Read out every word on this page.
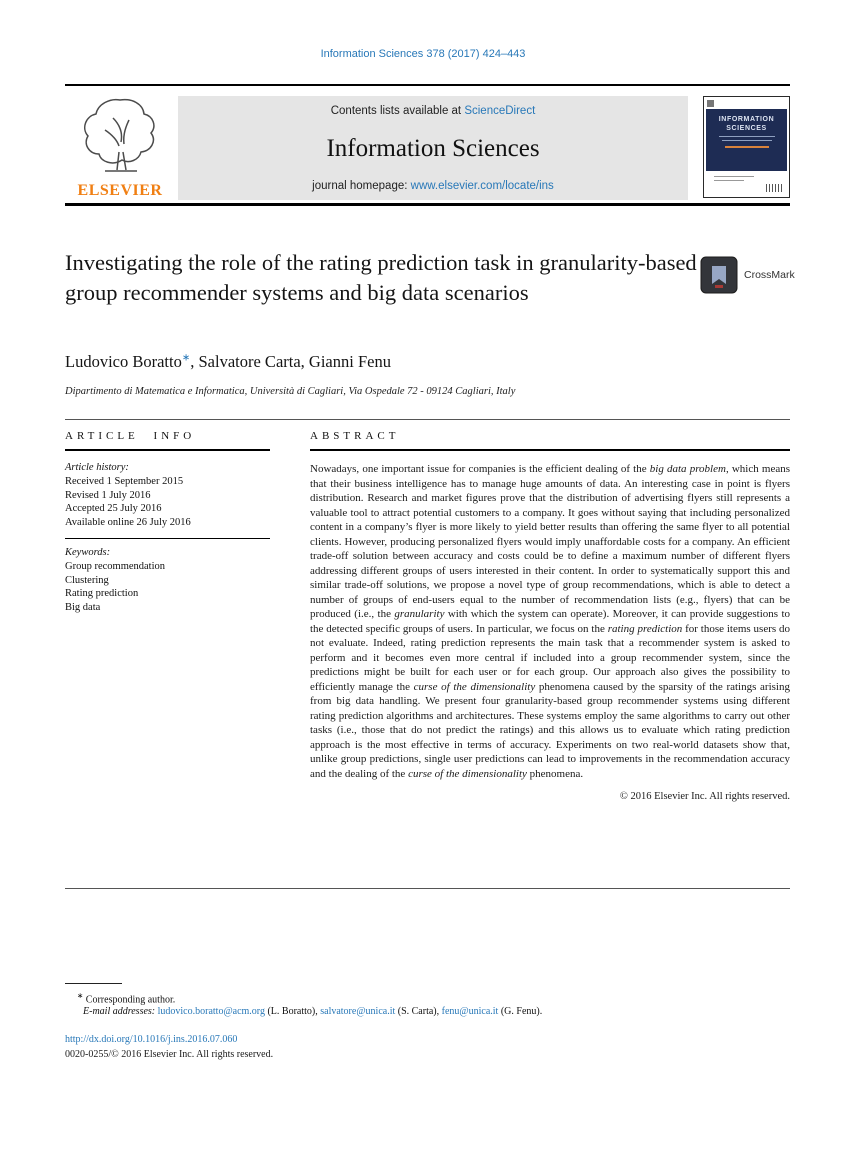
Information Sciences 378 (2017) 424–443
ELSEVIER
Contents lists available at ScienceDirect
Information Sciences
journal homepage: www.elsevier.com/locate/ins
INFORMATION
SCIENCES
Investigating the role of the rating prediction task in granularity-based group recommender systems and big data scenarios
CrossMark
Ludovico Boratto∗, Salvatore Carta, Gianni Fenu
Dipartimento di Matematica e Informatica, Università di Cagliari, Via Ospedale 72 - 09124 Cagliari, Italy
ARTICLE INFO
Article history:
Received 1 September 2015
Revised 1 July 2016
Accepted 25 July 2016
Available online 26 July 2016
Keywords:
Group recommendation
Clustering
Rating prediction
Big data
ABSTRACT
Nowadays, one important issue for companies is the efficient dealing of the big data problem, which means that their business intelligence has to manage huge amounts of data. An interesting case in point is flyers distribution. Research and market figures prove that the distribution of advertising flyers still represents a valuable tool to attract potential customers to a company. It goes without saying that including personalized content in a company’s flyer is more likely to yield better results than offering the same flyer to all potential clients. However, producing personalized flyers would imply unaffordable costs for a company. An efficient trade-off solution between accuracy and costs could be to define a maximum number of different flyers addressing different groups of users interested in their content. In order to systematically support this and similar trade-off solutions, we propose a novel type of group recommendations, which is able to detect a number of groups of end-users equal to the number of recommendation lists (e.g., flyers) that can be produced (i.e., the granularity with which the system can operate). Moreover, it can provide suggestions to the detected specific groups of users. In particular, we focus on the rating prediction for those items users do not evaluate. Indeed, rating prediction represents the main task that a recommender system is asked to perform and it becomes even more central if included into a group recommender system, since the predictions might be built for each user or for each group. Our approach also gives the possibility to efficiently manage the curse of the dimensionality phenomena caused by the sparsity of the ratings arising from big data handling. We present four granularity-based group recommender systems using different rating prediction algorithms and architectures. These systems employ the same algorithms to carry out other tasks (i.e., those that do not predict the ratings) and this allows us to evaluate which rating prediction approach is the most effective in terms of accuracy. Experiments on two real-world datasets show that, unlike group predictions, single user predictions can lead to improvements in the recommendation accuracy and the dealing of the curse of the dimensionality phenomena.
© 2016 Elsevier Inc. All rights reserved.
∗ Corresponding author.
E-mail addresses: ludovico.boratto@acm.org (L. Boratto), salvatore@unica.it (S. Carta), fenu@unica.it (G. Fenu).
http://dx.doi.org/10.1016/j.ins.2016.07.060
0020-0255/© 2016 Elsevier Inc. All rights reserved.
